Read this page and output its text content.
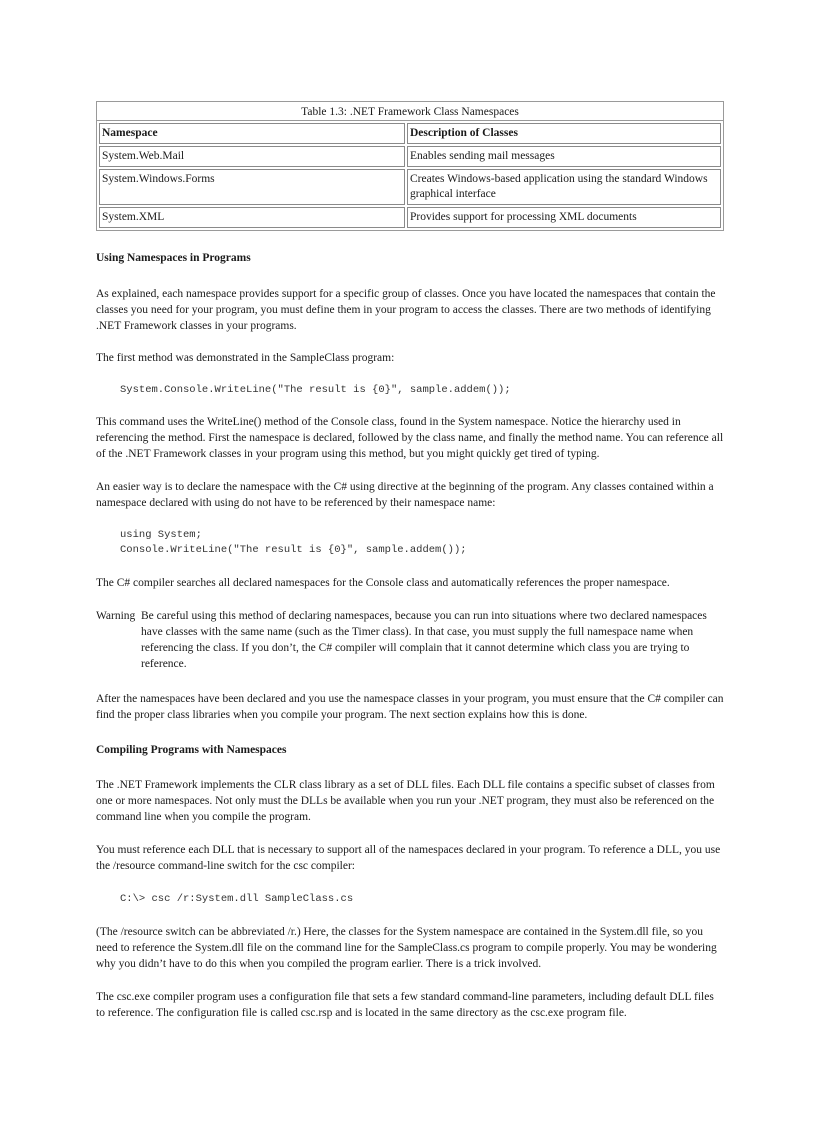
Table 1.3: .NET Framework Class Namespaces
Namespace	Description of Classes
System.Web.Mail	Enables sending mail messages
System.Windows.Forms	Creates Windows-based application using the standard Windows graphical interface
System.XML	Provides support for processing XML documents
Using Namespaces in Programs

As explained, each namespace provides support for a specific group of classes. Once you have located the namespaces that contain the classes you need for your program, you must define them in your program to access the classes. There are two methods of identifying .NET Framework classes in your programs.

The first method was demonstrated in the SampleClass program:

System.Console.WriteLine("The result is {0}", sample.addem());

This command uses the WriteLine() method of the Console class, found in the System namespace. Notice the hierarchy used in referencing the method. First the namespace is declared, followed by the class name, and finally the method name. You can reference all of the .NET Framework classes in your program using this method, but you might quickly get tired of typing.

An easier way is to declare the namespace with the C# using directive at the beginning of the program. Any classes contained within a namespace declared with using do not have to be referenced by their namespace name:

using System;
Console.WriteLine("The result is {0}", sample.addem());

The C# compiler searches all declared namespaces for the Console class and automatically references the proper namespace.

Warning Be careful using this method of declaring namespaces, because you can run into situations where two declared namespaces have classes with the same name (such as the Timer class). In that case, you must supply the full namespace name when referencing the class. If you don’t, the C# compiler will complain that it cannot determine which class you are trying to reference.

After the namespaces have been declared and you use the namespace classes in your program, you must ensure that the C# compiler can find the proper class libraries when you compile your program. The next section explains how this is done.

Compiling Programs with Namespaces

The .NET Framework implements the CLR class library as a set of DLL files. Each DLL file contains a specific subset of classes from one or more namespaces. Not only must the DLLs be available when you run your .NET program, they must also be referenced on the command line when you compile the program.

You must reference each DLL that is necessary to support all of the namespaces declared in your program. To reference a DLL, you use the /resource command-line switch for the csc compiler:

C:\> csc /r:System.dll SampleClass.cs

(The /resource switch can be abbreviated /r.) Here, the classes for the System namespace are contained in the System.dll file, so you need to reference the System.dll file on the command line for the SampleClass.cs program to compile properly. You may be wondering why you didn’t have to do this when you compiled the program earlier. There is a trick involved.

The csc.exe compiler program uses a configuration file that sets a few standard command-line parameters, including default DLL files to reference. The configuration file is called csc.rsp and is located in the same directory as the csc.exe program file.
